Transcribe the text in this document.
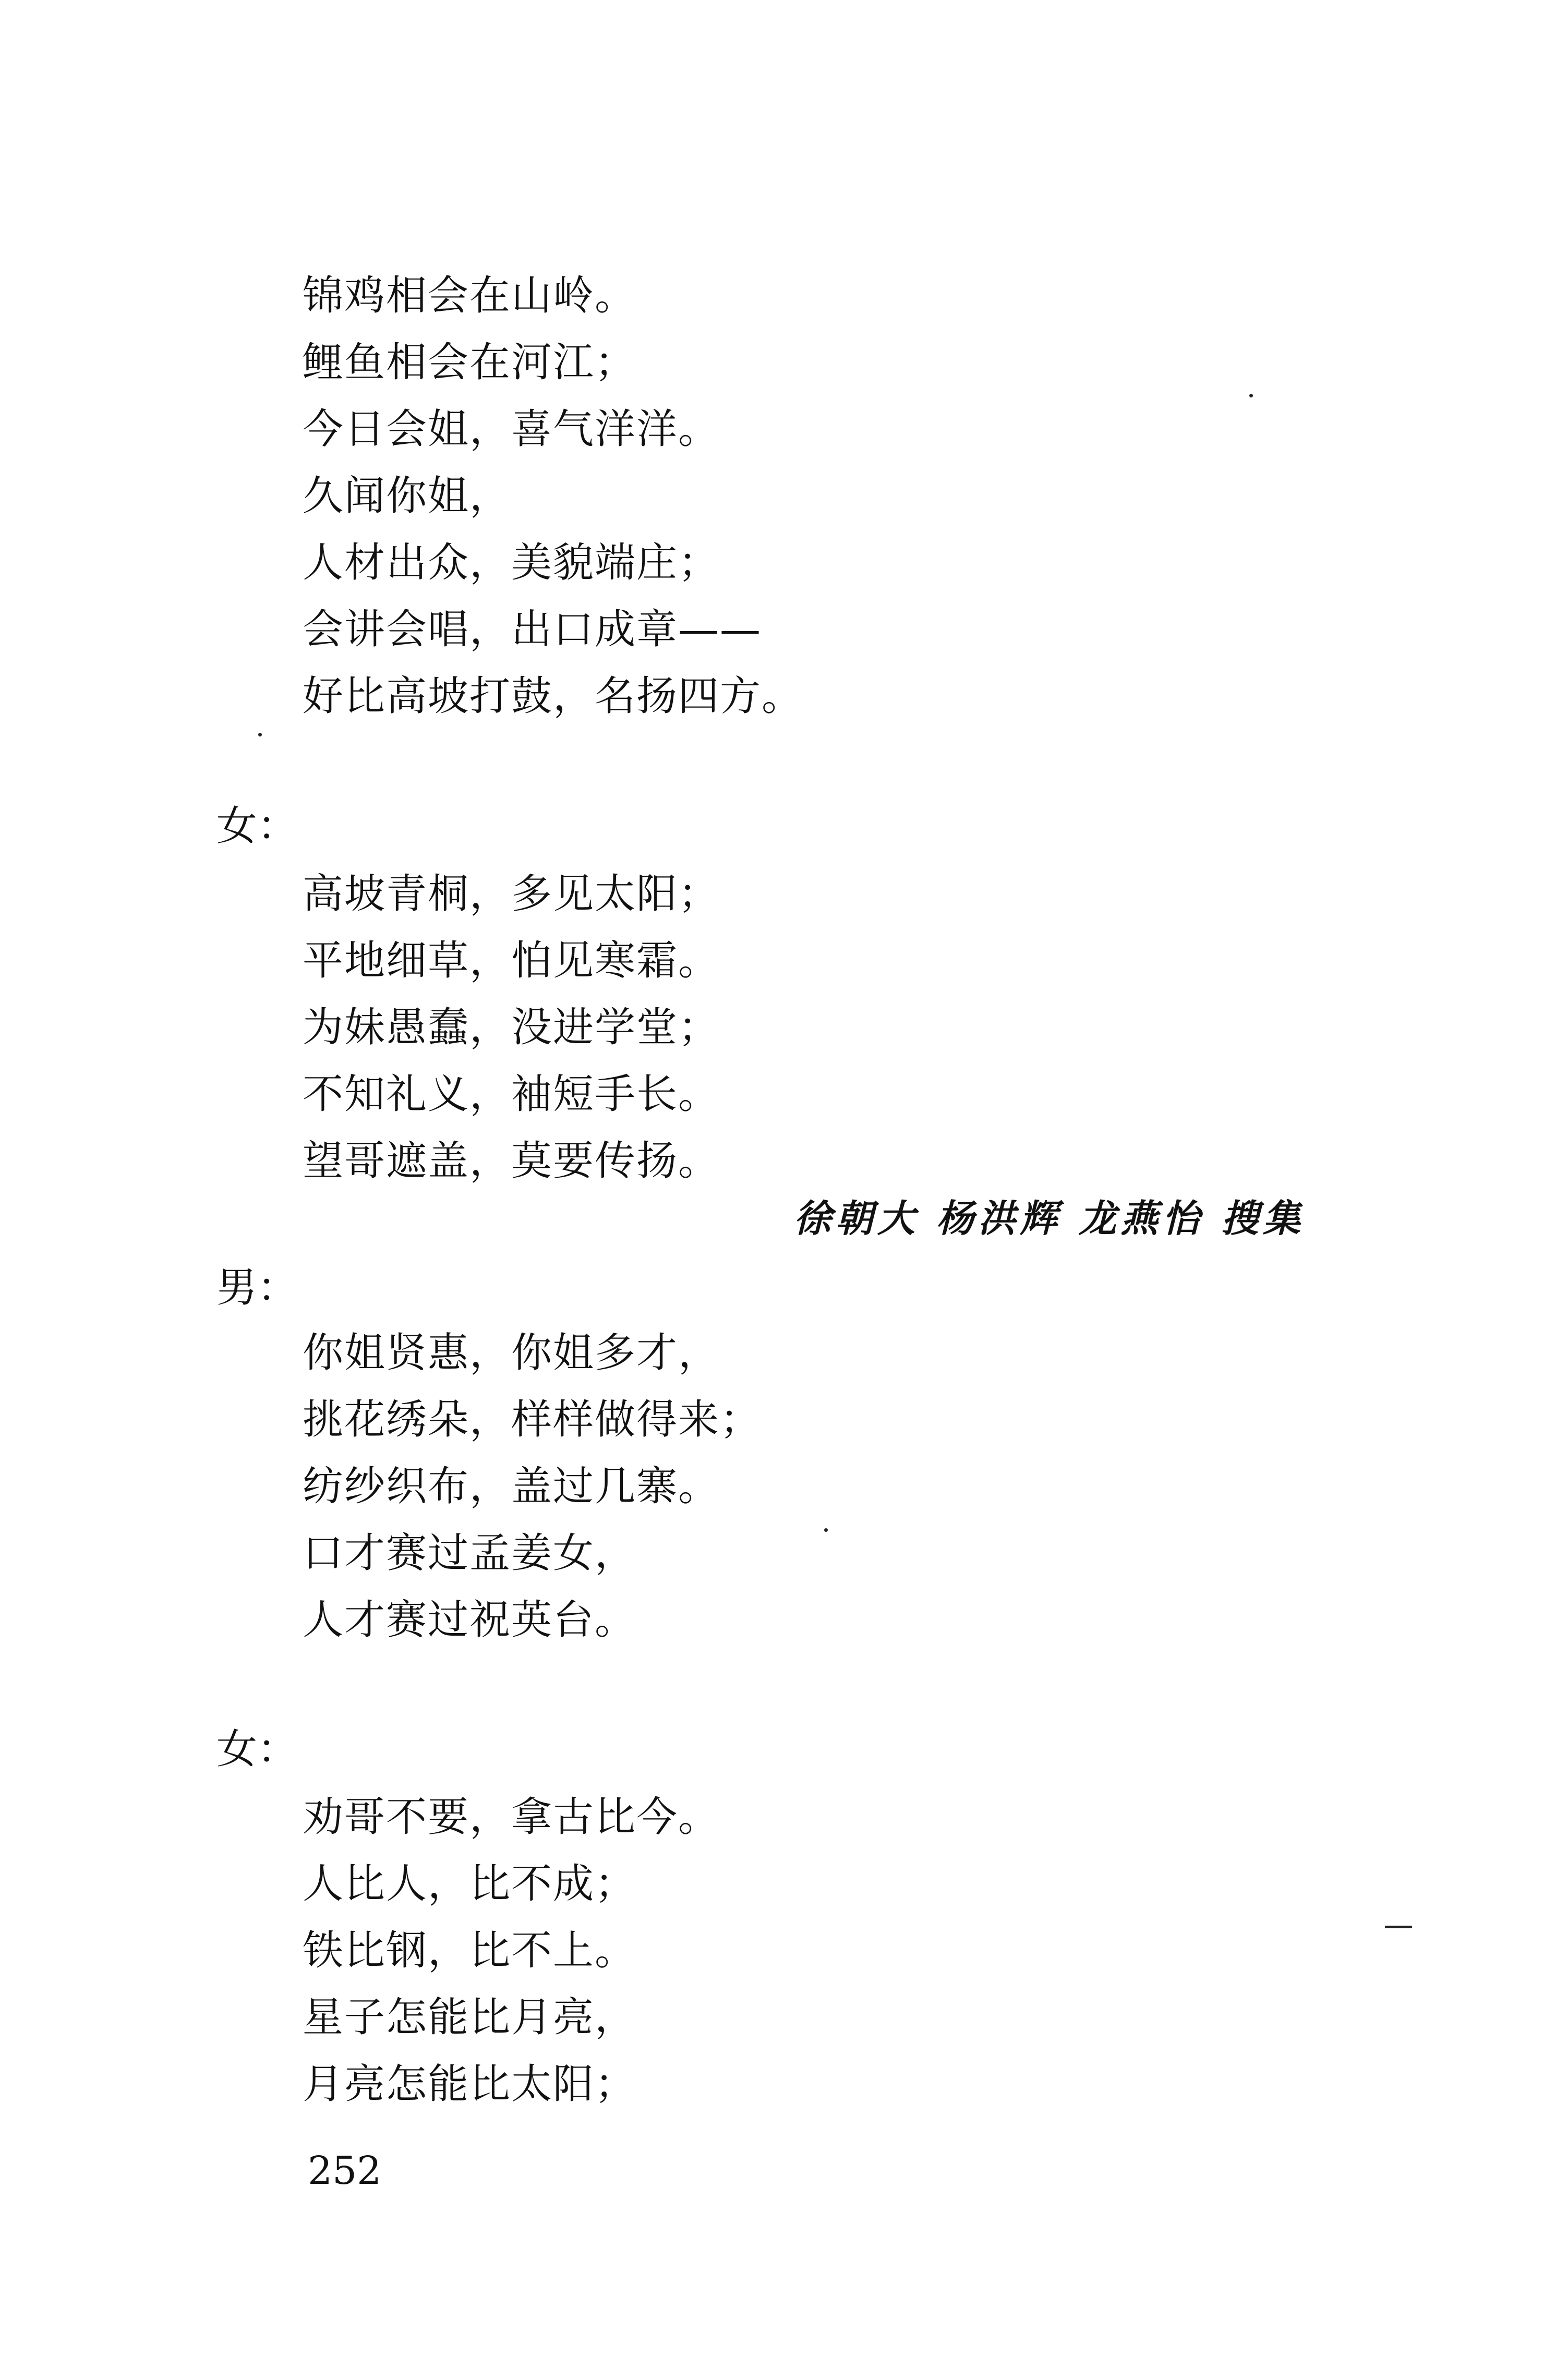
锦鸡相会在山岭。
鲤鱼相会在河江；
今日会姐，喜气洋洋。
久闻你姐，
人材出众，美貌端庄；
会讲会唱，出口成章——
好比高坡打鼓，名扬四方。
女：
高坡青桐，多见太阳；
平地细草，怕见寒霜。
为妹愚蠢，没进学堂；
不知礼义，袖短手长。
望哥遮盖，莫要传扬。
徐朝大 杨洪辉 龙燕怡 搜集
男：
你姐贤惠，你姐多才，
挑花绣朵，样样做得来；
纺纱织布，盖过几寨。
口才赛过孟姜女，
人才赛过祝英台。
女：
劝哥不要，拿古比今。
人比人，比不成；
铁比钢，比不上。
星子怎能比月亮，
月亮怎能比太阳；
252
